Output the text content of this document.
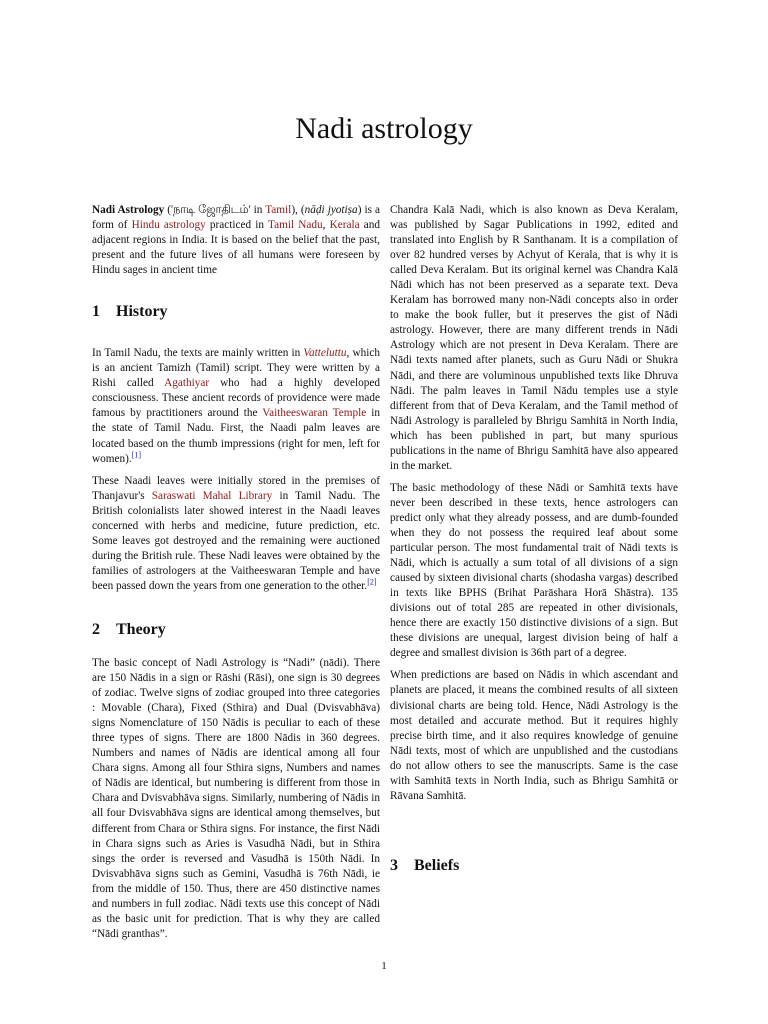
Nadi astrology

Nadi Astrology ('நாடி ஜோதிடம்' in Tamil), (nāḍi jyotiṣa) is a form of Hindu astrology practiced in Tamil Nadu, Kerala and adjacent regions in India. It is based on the belief that the past, present and the future lives of all humans were foreseen by Hindu sages in ancient time

1 History

In Tamil Nadu, the texts are mainly written in Vatteluttu, which is an ancient Tamizh (Tamil) script. They were written by a Rishi called Agathiyar who had a highly developed consciousness. These ancient records of providence were made famous by practitioners around the Vaitheeswaran Temple in the state of Tamil Nadu. First, the Naadi palm leaves are located based on the thumb impressions (right for men, left for women).[1]

These Naadi leaves were initially stored in the premises of Thanjavur's Saraswati Mahal Library in Tamil Nadu. The British colonialists later showed interest in the Naadi leaves concerned with herbs and medicine, future prediction, etc. Some leaves got destroyed and the remaining were auctioned during the British rule. These Nadi leaves were obtained by the families of astrologers at the Vaitheeswaran Temple and have been passed down the years from one generation to the other.[2]

2 Theory

The basic concept of Nadi Astrology is “Nadi” (nādi). There are 150 Nādis in a sign or Rāshi (Rāsi), one sign is 30 degrees of zodiac. Twelve signs of zodiac grouped into three categories : Movable (Chara), Fixed (Sthira) and Dual (Dvisvabhāva) signs Nomenclature of 150 Nādis is peculiar to each of these three types of signs. There are 1800 Nādis in 360 degrees. Numbers and names of Nādis are identical among all four Chara signs. Among all four Sthira signs, Numbers and names of Nādis are identical, but numbering is different from those in Chara and Dvisvabhāva signs. Similarly, numbering of Nādis in all four Dvisvabhāva signs are identical among themselves, but different from Chara or Sthira signs. For instance, the first Nādi in Chara signs such as Aries is Vasudhā Nādi, but in Sthira sings the order is reversed and Vasudhā is 150th Nādi. In Dvisvabhāva signs such as Gemini, Vasudhā is 76th Nādi, ie from the middle of 150. Thus, there are 450 distinctive names and numbers in full zodiac. Nādi texts use this concept of Nādi as the basic unit for prediction. That is why they are called “Nādi granthas”.

Chandra Kalā Nadi, which is also known as Deva Keralam, was published by Sagar Publications in 1992, edited and translated into English by R Santhanam. It is a compilation of over 82 hundred verses by Achyut of Kerala, that is why it is called Deva Keralam. But its original kernel was Chandra Kalā Nādi which has not been preserved as a separate text. Deva Keralam has borrowed many non-Nādi concepts also in order to make the book fuller, but it preserves the gist of Nādi astrology. However, there are many different trends in Nādi Astrology which are not present in Deva Keralam. There are Nādi texts named after planets, such as Guru Nādi or Shukra Nādi, and there are voluminous unpublished texts like Dhruva Nādi. The palm leaves in Tamil Nādu temples use a style different from that of Deva Keralam, and the Tamil method of Nādi Astrology is paralleled by Bhrigu Samhitā in North India, which has been published in part, but many spurious publications in the name of Bhrigu Samhitā have also appeared in the market.

The basic methodology of these Nādi or Samhitā texts have never been described in these texts, hence astrologers can predict only what they already possess, and are dumb-founded when they do not possess the required leaf about some particular person. The most fundamental trait of Nādi texts is Nādi, which is actually a sum total of all divisions of a sign caused by sixteen divisional charts (shodasha vargas) described in texts like BPHS (Brihat Parāshara Horā Shāstra). 135 divisions out of total 285 are repeated in other divisionals, hence there are exactly 150 distinctive divisions of a sign. But these divisions are unequal, largest division being of half a degree and smallest division is 36th part of a degree.

When predictions are based on Nādis in which ascendant and planets are placed, it means the combined results of all sixteen divisional charts are being told. Hence, Nādi Astrology is the most detailed and accurate method. But it requires highly precise birth time, and it also requires knowledge of genuine Nādi texts, most of which are unpublished and the custodians do not allow others to see the manuscripts. Same is the case with Samhitā texts in North India, such as Bhrigu Samhitā or Rāvana Samhitā.

3 Beliefs
1
